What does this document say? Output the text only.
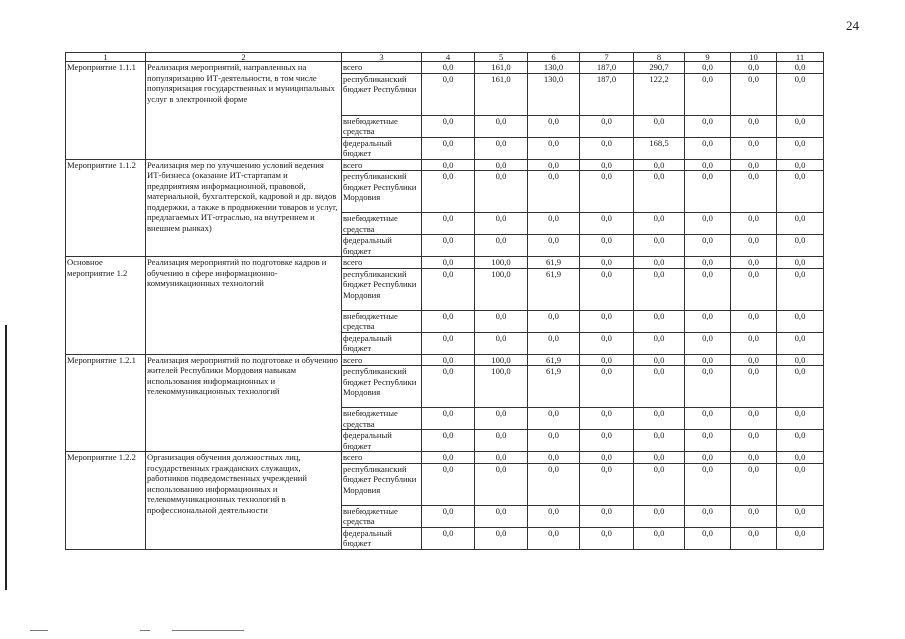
24
1	2	3	4	5	6	7	8	9	10	11
Мероприятие 1.1.1	Реализация мероприятий, направленных на популяризацию ИТ-деятельности, в том числе популяризация государственных и муниципальных услуг в электронной форме	всего	0,0	161,0	130,0	187,0	290,7	0,0	0,0	0,0
		республиканский бюджет Республики	0,0	161,0	130,0	187,0	122,2	0,0	0,0	0,0
		внебюджетные средства	0,0	0,0	0,0	0,0	0,0	0,0	0,0	0,0
		федеральный бюджет	0,0	0,0	0,0	0,0	168,5	0,0	0,0	0,0
Мероприятие 1.1.2	Реализация мер по улучшению условий ведения ИТ-бизнеса (оказание ИТ-стартапам и предприятиям информационной, правовой, материальной, бухгалтерской, кадровой и др. видов поддержки, а также в продвижении товаров и услуг, предлагаемых ИТ-отраслью, на внутреннем и внешнем рынках)	всего	0,0	0,0	0,0	0,0	0,0	0,0	0,0	0,0
		республиканский бюджет Республики Мордовия	0,0	0,0	0,0	0,0	0,0	0,0	0,0	0,0
		внебюджетные средства	0,0	0,0	0,0	0,0	0,0	0,0	0,0	0,0
		федеральный бюджет	0,0	0,0	0,0	0,0	0,0	0,0	0,0	0,0
Основное мероприятие 1.2	Реализация мероприятий по подготовке кадров и обучению в сфере информационно-коммуникационных технологий	всего	0,0	100,0	61,9	0,0	0,0	0,0	0,0	0,0
		республиканский бюджет Республики Мордовия	0,0	100,0	61,9	0,0	0,0	0,0	0,0	0,0
		внебюджетные средства	0,0	0,0	0,0	0,0	0,0	0,0	0,0	0,0
		федеральный бюджет	0,0	0,0	0,0	0,0	0,0	0,0	0,0	0,0
Мероприятие 1.2.1	Реализация мероприятий по подготовке и обучению жителей Республики Мордовия навыкам использования информационных и телекоммуникационных технологий	всего	0,0	100,0	61,9	0,0	0,0	0,0	0,0	0,0
		республиканский бюджет Республики Мордовия	0,0	100,0	61,9	0,0	0,0	0,0	0,0	0,0
		внебюджетные средства	0,0	0,0	0,0	0,0	0,0	0,0	0,0	0,0
		федеральный бюджет	0,0	0,0	0,0	0,0	0,0	0,0	0,0	0,0
Мероприятие 1.2.2	Организация обучения должностных лиц, государственных гражданских служащих, работников подведомственных учреждений использованию информационных и телекоммуникационных технологий в профессиональной деятельности	всего	0,0	0,0	0,0	0,0	0,0	0,0	0,0	0,0
		республиканский бюджет Республики Мордовия	0,0	0,0	0,0	0,0	0,0	0,0	0,0	0,0
		внебюджетные средства	0,0	0,0	0,0	0,0	0,0	0,0	0,0	0,0
		федеральный бюджет	0,0	0,0	0,0	0,0	0,0	0,0	0,0	0,0
